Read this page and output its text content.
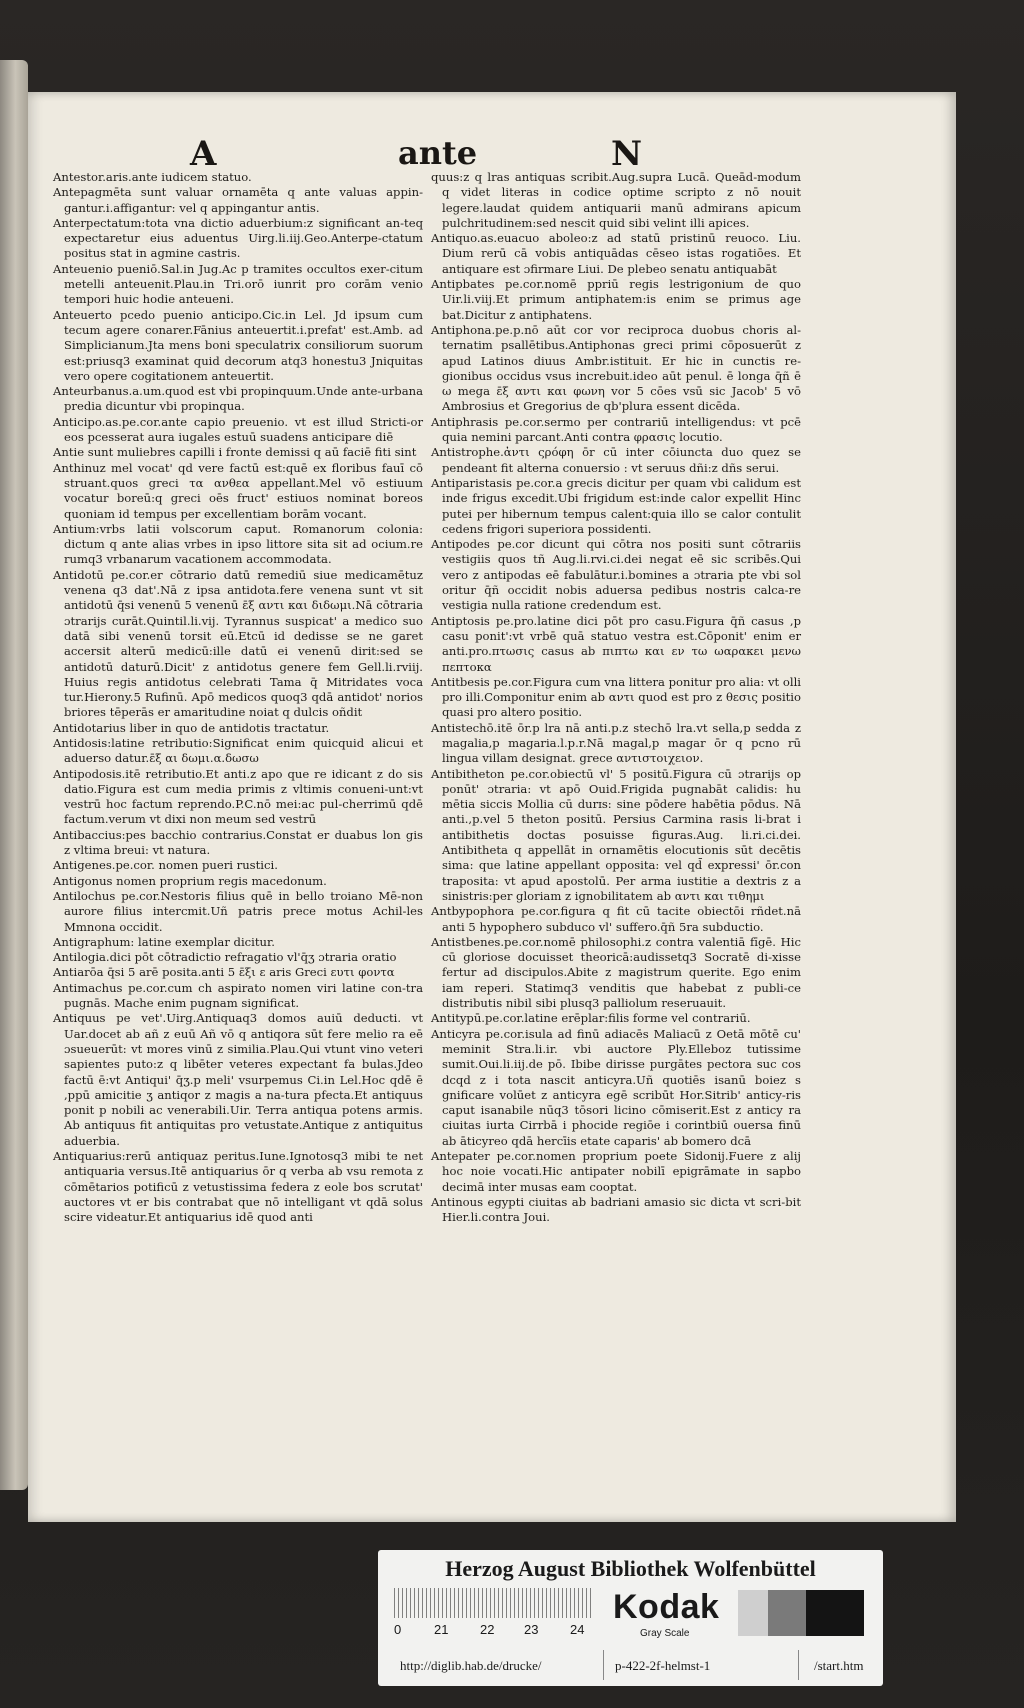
A	ante	N

Antestor.aris.ante iudicem statuo.

Antepagmēta sunt valuar ornamēta q ante valuas appin-gantur.i.affigantur: vel q appingantur antis.

Anterpectatum:tota vna dictio aduerbium:z significant an-teq expectaretur eius aduentus Uirg.li.iij.Geo.Anterpe-ctatum positus stat in agmine castris.

Anteuenio pueniō.Sal.in Jug.Ac p tramites occultos exer-citum metelli anteuenit.Plau.in Tri.orō iunrit pro corām venio tempori huic hodie anteueni.

Anteuerto pcedo puenio anticipo.Cic.in Lel. Jd ipsum cum tecum agere conarer.Fānius anteuertit.i.prefat' est.Amb. ad Simplicianum.Jta mens boni speculatrix consiliorum suorum est:priusq3 examinat quid decorum atq3 honestu3 Jniquitas vero opere cogitationem anteuertit.

Anteurbanus.a.um.quod est vbi propinquum.Unde ante-urbana predia dicuntur vbi propinqua.

Anticipo.as.pe.cor.ante capio preuenio. vt est illud Stricti-or eos pcesserat aura iugales estuū suadens anticipare diē

Antie sunt muliebres capilli i fronte demissi q aū faciē fiti sint

Anthinuz mel vocat' qd vere factū est:quē ex floribus fauī cō struant.quos greci τα ανθεα appellant.Mel vō estiuum vocatur boreū:q greci oēs fruct' estiuos nominat boreos quoniam id tempus per excellentiam borām vocant.

Antium:vrbs latii volscorum caput. Romanorum colonia: dictum q ante alias vrbes in ipso littore sita sit ad ocium.re rumq3 vrbanarum vacationem accommodata.

Antidotū pe.cor.er cōtrario datū remediū siue medicamētuz venena q3 dat'.Nā z ipsa antidota.fere venena sunt vt sit antidotū q̄si venenū 5 venenū ε̄ξ αντι και διδωμι.Nā cōtraria ɔtrarijs curāt.Quintil.li.vij. Tyrannus suspicat' a medico suo datā sibi venenū torsit eū.Etcū id dedisse se ne garet accersit alterū medicū:ille datū ei venenū dirit:sed se antidotū daturū.Dicit' z antidotus genere fem Gell.li.rviij. Huius regis antidotus celebrati Tama q̄ Mitridates voca tur.Hierony.5 Rufinū. Apō medicos quoq3 qdā antidot' norios briores tēperās er amaritudine noiat q dulcis oñdit

Antidotarius liber in quo de antidotis tractatur.

Antidosis:latine retributio:Significat enim quicquid alicui et aduerso datur.ε̄ξ αι δωμι.α.δωσω

Antipodosis.itē retributio.Et anti.z apo que re idicant z do sis datio.Figura est cum media primis z vltimis conueni-unt:vt vestrū hoc factum reprendo.P.C.nō mei:ac pul-cherrimū qdē factum.verum vt dixi non meum sed vestrū

Antibaccius:pes bacchio contrarius.Constat er duabus lon gis z vltima breui: vt natura.

Antigenes.pe.cor. nomen pueri rustici.

Antigonus nomen proprium regis macedonum.

Antilochus pe.cor.Nestoris filius quē in bello troiano Mē-non aurore filius intercmit.Uñ patris prece motus Achil-les Mmnona occidit.

Antigraphum: latine exemplar dicitur.

Antilogia.dici pōt cōtradictio refragatio vl'q̄ʒ ɔtraria oratio

Antiarōa q̄si 5 arē posita.anti 5 ε̄ξι ε aris Greci ευτι φοντα

Antimachus pe.cor.cum ch aspirato nomen viri latine con-tra pugnās. Mache enim pugnam significat.

Antiquus pe vet'.Uirg.Antiquaq3 domos auiū deducti. vt Uar.docet ab añ z euū Añ vō q antiqora sūt fere melio ra eē ɔsueuerūt: vt mores vinū z similia.Plau.Qui vtunt vino veteri sapientes puto:z q libēter veteres expectant fa bulas.Jdeo factū ē:vt Antiqui' q̄ʒ.p meli' vsurpemus Ci.in Lel.Hoc qdē ē ,ppū amicitie ʒ antiqor z magis a na-tura pfecta.Et antiquus ponit p nobili ac venerabili.Uir. Terra antiqua potens armis. Ab antiquus fit antiquitas pro vetustate.Antique z antiquitus aduerbia.

Antiquarius:rerū antiquaz peritus.Iune.Ignotosq3 mibi te net antiquaria versus.Itē antiquarius ōr q verba ab vsu remota z cōmētarios potificū z vetustissima federa z eole bos scrutat' auctores vt er bis contrabat que nō intelligant vt qdā solus scire videatur.Et antiquarius idē quod anti

quus:z q lras antiquas scribit.Aug.supra Lucā. Queād-modum q videt literas in codice optime scripto z nō nouit legere.laudat quidem antiquarii manū admirans apicum pulchritudinem:sed nescit quid sibi velint illi apices.

Antiquo.as.euacuo aboleo:z ad statū pristinū reuoco. Liu. Dium rerū cā vobis antiquādas cēseo istas rogatiōes. Et antiquare est ɔfirmare Liui. De plebeo senatu antiquabāt

Antipbates pe.cor.nomē ppriū regis lestrigonium de quo Uir.li.viij.Et primum antiphatem:is enim se primus age bat.Dicitur z antiphatens.

Antiphona.pe.p.nō aūt cor vor reciproca duobus choris al-ternatim psallētibus.Antiphonas greci primi cōposuerūt z apud Latinos diuus Ambr.istituit. Er hic in cunctis re-gionibus occidus vsus increbuit.ideo aūt penul. ē longa q̄ñ ē ω mega ε̄ξ αντι και φωνη vor 5 cōes vsū sic Jacob' 5 vō Ambrosius et Gregorius de qb'plura essent dicēda.

Antiphrasis pe.cor.sermo per contrariū intelligendus: vt pcē quia nemini parcant.Anti contra φρασις locutio.

Antistrophe.ἀντι ςρόφη ōr cū inter cōiuncta duo quez se pendeant fit alterna conuersio : vt seruus dñi:z dñs serui.

Antiparistasis pe.cor.a grecis dicitur per quam vbi calidum est inde frigus excedit.Ubi frigidum est:inde calor expellit Hinc putei per hibernum tempus calent:quia illo se calor contulit cedens frigori superiora possidenti.

Antipodes pe.cor dicunt qui cōtra nos positi sunt cōtrariis vestigiis quos tñ Aug.li.rvi.ci.dei negat eē sic scribēs.Qui vero z antipodas eē fabulātur.i.bomines a ɔtraria pte vbi sol oritur q̄ñ occidit nobis aduersa pedibus nostris calca-re vestigia nulla ratione credendum est.

Antiptosis pe.pro.latine dici pōt pro casu.Figura q̄ñ casus ,p casu ponit':vt vrbē quā statuo vestra est.Cōponit' enim er anti.pro.πτωσις casus ab πιπτω και εν τω ωαρακει μενω πεπτοκα

Antitbesis pe.cor.Figura cum vna littera ponitur pro alia: vt olli pro illi.Componitur enim ab αντι quod est pro z θεσις positio quasi pro altero positio.

Antistechō.itē ōr.p lra nā anti.p.z stechō lra.vt sella,p sedda z magalia,p magaria.l.p.r.Nā magal,p magar ōr q pcno rū lingua villam designat. grece αντιστοιχειον.

Antibitheton pe.cor.obiectū vl' 5 positū.Figura cū ɔtrarijs op ponūt' ɔtraria: vt apō Ouid.Frigida pugnabāt calidis: hu mētia siccis Mollia cū durɪs: sine pōdere habētia pōdus. Nā anti.,p.vel 5 theton positū. Persius Carmina rasis li-brat i antibithetis doctas posuisse figuras.Aug. li.ri.ci.dei. Antibitheta q appellāt in ornamētis elocutionis sūt decētis sima: que latine appellant opposita: vel qd̄ expressi' ōr.con traposita: vt apud apostolū. Per arma iustitie a dextris z a sinistris:per gloriam z ignobilitatem ab αντι και τιθημι

Antbypophora pe.cor.figura q fit cū tacite obiectōi rñdet.nā anti 5 hypophero subduco vl' suffero.q̄ñ 5ra subductio.

Antistbenes.pe.cor.nomē philosophi.z contra valentiā fīgē. Hic cū gloriose docuisset theoricā:audissetq3 Socratē di-xisse fertur ad discipulos.Abite z magistrum querite. Ego enim iam reperi. Statimq3 venditis que habebat z publi-ce distributis nibil sibi plusq3 palliolum reseruauit.

Antitypū.pe.cor.latine erēplar:filis forme vel contrariū.

Anticyra pe.cor.isula ad finū adiacēs Maliacū z Oetā mōtē cu' meminit Stra.li.ir. vbi auctore Ply.Elleboz tutissime sumit.Oui.li.iij.de pō. Ibibe dirisse purgātes pectora suc cos dcqd z i tota nascit anticyra.Uñ quotiēs isanū boiez s gnificare volūet z anticyra egē scribūt Hor.Sitrib' anticy-ris caput isanabile nūq3 tōsori licino cōmiserit.Est z anticy ra ciuitas iurta Cirrbā i phocide regiōe i corintbiū ouersa finū ab āticyreo qdā hercīis etate caparis' ab bomero dcā

Antepater pe.cor.nomen proprium poete Sidonij.Fuere z alij hoc noie vocati.Hic antipater nobilī epigrāmate in sapbo decimā inter musas eam cooptat.

Antinous egypti ciuitas ab badriani amasio sic dicta vt scri-bit Hier.li.contra Joui.

Herzog August Bibliothek Wolfenbüttel
0	21 22 23 24
Kodak
Gray Scale
http://diglib.hab.de/drucke/	p-422-2f-helmst-1	/start.htm
